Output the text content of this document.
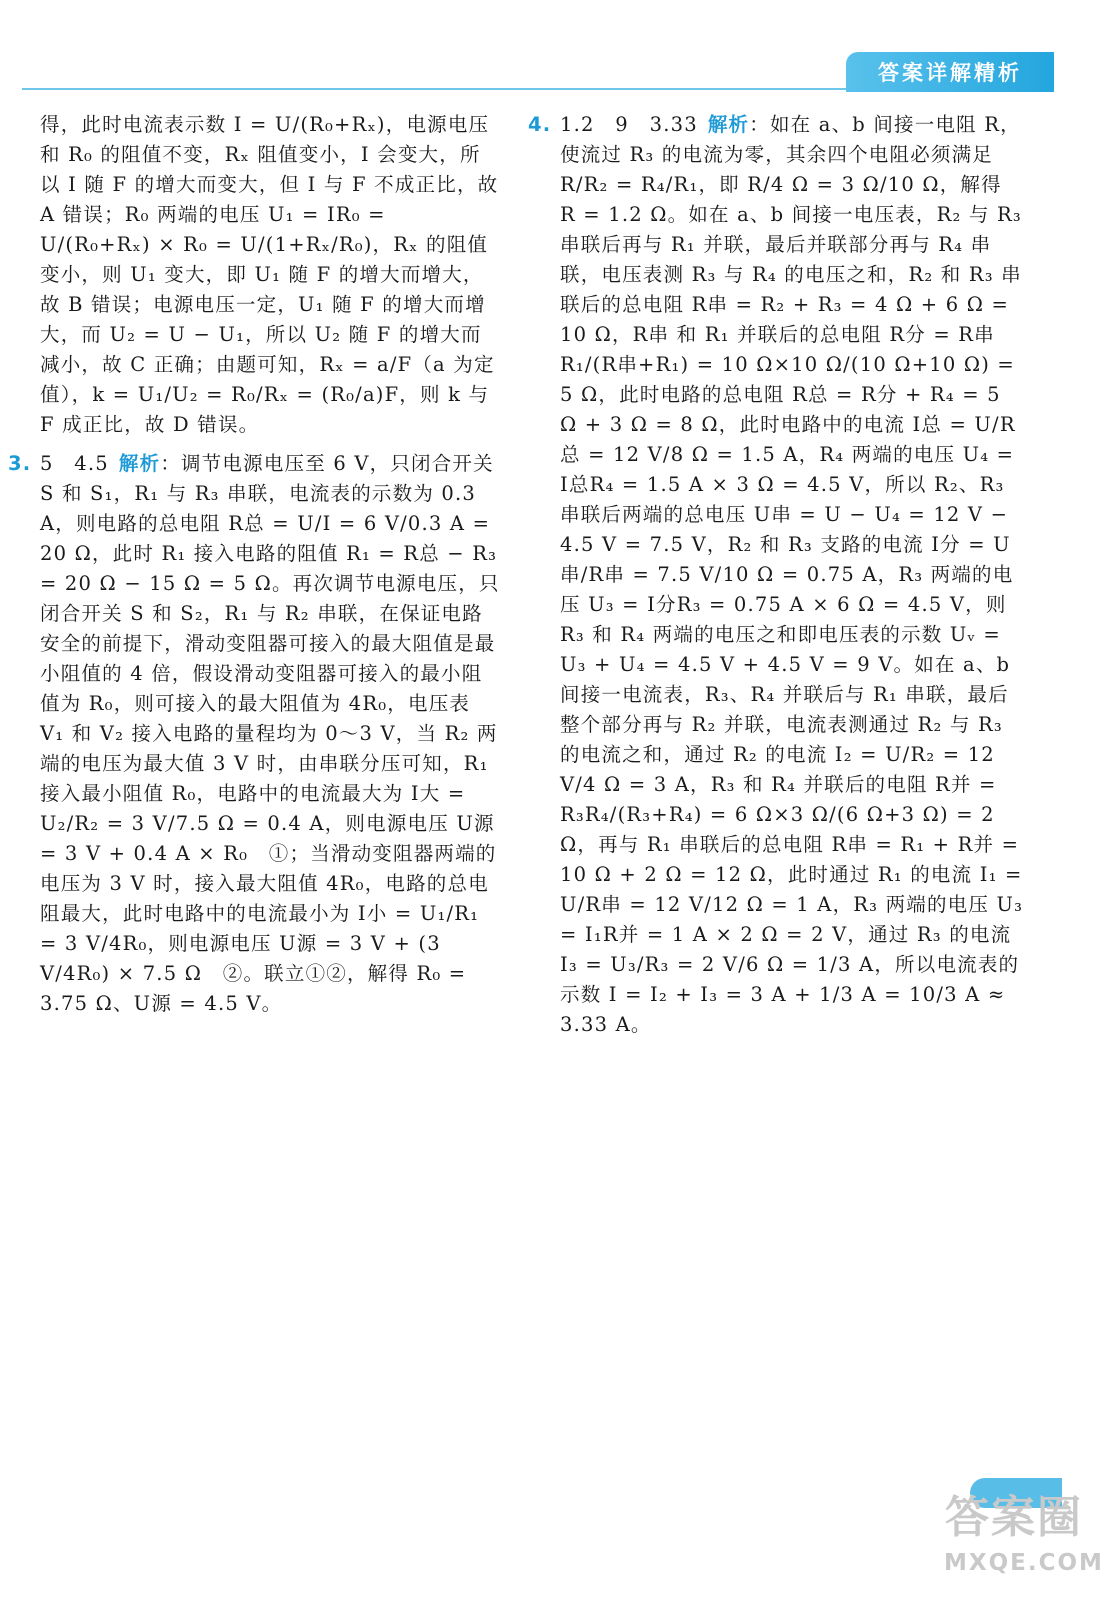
答案详解精析

得，此时电流表示数 I = U/(R₀+Rₓ)，电源电压和 R₀ 的阻值不变，Rₓ 阻值变小，I 会变大，所以 I 随 F 的增大而变大，但 I 与 F 不成正比，故 A 错误；R₀ 两端的电压 U₁ = IR₀ = U/(R₀+Rₓ) × R₀ = U/(1+Rₓ/R₀)，Rₓ 的阻值变小，则 U₁ 变大，即 U₁ 随 F 的增大而增大，故 B 错误；电源电压一定，U₁ 随 F 的增大而增大，而 U₂ = U − U₁，所以 U₂ 随 F 的增大而减小，故 C 正确；由题可知，Rₓ = a/F（a 为定值），k = U₁/U₂ = R₀/Rₓ = (R₀/a)F，则 k 与 F 成正比，故 D 错误。

3. 5　4.5 解析：调节电源电压至 6 V，只闭合开关 S 和 S₁，R₁ 与 R₃ 串联，电流表的示数为 0.3 A，则电路的总电阻 R总 = U/I = 6 V/0.3 A = 20 Ω，此时 R₁ 接入电路的阻值 R₁ = R总 − R₃ = 20 Ω − 15 Ω = 5 Ω。再次调节电源电压，只闭合开关 S 和 S₂，R₁ 与 R₂ 串联，在保证电路安全的前提下，滑动变阻器可接入的最大阻值是最小阻值的 4 倍，假设滑动变阻器可接入的最小阻值为 R₀，则可接入的最大阻值为 4R₀，电压表 V₁ 和 V₂ 接入电路的量程均为 0～3 V，当 R₂ 两端的电压为最大值 3 V 时，由串联分压可知，R₁ 接入最小阻值 R₀，电路中的电流最大为 I大 = U₂/R₂ = 3 V/7.5 Ω = 0.4 A，则电源电压 U源 = 3 V + 0.4 A × R₀　①；当滑动变阻器两端的电压为 3 V 时，接入最大阻值 4R₀，电路的总电阻最大，此时电路中的电流最小为 I小 = U₁/R₁ = 3 V/4R₀，则电源电压 U源 = 3 V + (3 V/4R₀) × 7.5 Ω　②。联立①②，解得 R₀ = 3.75 Ω、U源 = 4.5 V。

4. 1.2　9　3.33 解析：如在 a、b 间接一电阻 R，使流过 R₃ 的电流为零，其余四个电阻必须满足 R/R₂ = R₄/R₁，即 R/4 Ω = 3 Ω/10 Ω，解得 R = 1.2 Ω。如在 a、b 间接一电压表，R₂ 与 R₃ 串联后再与 R₁ 并联，最后并联部分再与 R₄ 串联，电压表测 R₃ 与 R₄ 的电压之和，R₂ 和 R₃ 串联后的总电阻 R串 = R₂ + R₃ = 4 Ω + 6 Ω = 10 Ω，R串 和 R₁ 并联后的总电阻 R分 = R串R₁/(R串+R₁) = 10 Ω×10 Ω/(10 Ω+10 Ω) = 5 Ω，此时电路的总电阻 R总 = R分 + R₄ = 5 Ω + 3 Ω = 8 Ω，此时电路中的电流 I总 = U/R总 = 12 V/8 Ω = 1.5 A，R₄ 两端的电压 U₄ = I总R₄ = 1.5 A × 3 Ω = 4.5 V，所以 R₂、R₃ 串联后两端的总电压 U串 = U − U₄ = 12 V − 4.5 V = 7.5 V，R₂ 和 R₃ 支路的电流 I分 = U串/R串 = 7.5 V/10 Ω = 0.75 A，R₃ 两端的电压 U₃ = I分R₃ = 0.75 A × 6 Ω = 4.5 V，则 R₃ 和 R₄ 两端的电压之和即电压表的示数 Uᵥ = U₃ + U₄ = 4.5 V + 4.5 V = 9 V。如在 a、b 间接一电流表，R₃、R₄ 并联后与 R₁ 串联，最后整个部分再与 R₂ 并联，电流表测通过 R₂ 与 R₃ 的电流之和，通过 R₂ 的电流 I₂ = U/R₂ = 12 V/4 Ω = 3 A，R₃ 和 R₄ 并联后的电阻 R并 = R₃R₄/(R₃+R₄) = 6 Ω×3 Ω/(6 Ω+3 Ω) = 2 Ω，再与 R₁ 串联后的总电阻 R串 = R₁ + R并 = 10 Ω + 2 Ω = 12 Ω，此时通过 R₁ 的电流 I₁ = U/R串 = 12 V/12 Ω = 1 A，R₃ 两端的电压 U₃ = I₁R并 = 1 A × 2 Ω = 2 V，通过 R₃ 的电流 I₃ = U₃/R₃ = 2 V/6 Ω = 1/3 A，所以电流表的示数 I = I₂ + I₃ = 3 A + 1/3 A = 10/3 A ≈ 3.33 A。

答案圈
MXQE.COM
